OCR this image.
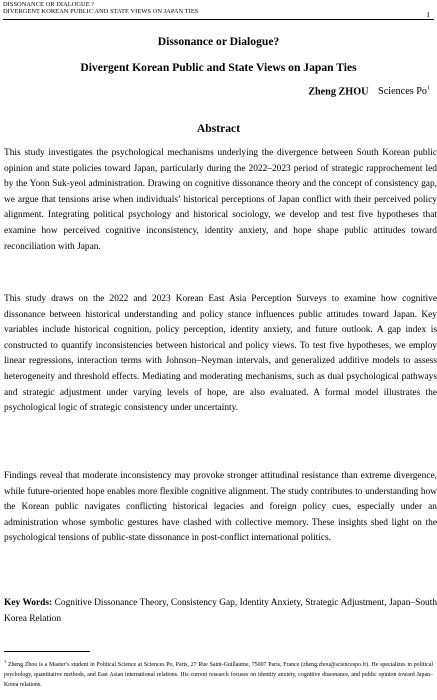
DISSONANCE OR DIALOGUE ?
DIVERGENT KOREAN PUBLIC AND STATE VIEWS ON JAPAN TIES	1
Dissonance or Dialogue?
Divergent Korean Public and State Views on Japan Ties
Zheng ZHOU Sciences Po$^1$
Abstract
This study investigates the psychological mechanisms underlying the divergence between South Korean public opinion and state policies toward Japan, particularly during the 2022–2023 period of strategic rapprochement led by the Yoon Suk-yeol administration. Drawing on cognitive dissonance theory and the concept of consistency gap, we argue that tensions arise when individuals’ historical perceptions of Japan conflict with their perceived policy alignment. Integrating political psychology and historical sociology, we develop and test five hypotheses that examine how perceived cognitive inconsistency, identity anxiety, and hope shape public attitudes toward reconciliation with Japan.
This study draws on the 2022 and 2023 Korean East Asia Perception Surveys to examine how cognitive dissonance between historical understanding and policy stance influences public attitudes toward Japan. Key variables include historical cognition, policy perception, identity anxiety, and future outlook. A gap index is constructed to quantify inconsistencies between historical and policy views. To test five hypotheses, we employ linear regressions, interaction terms with Johnson–Neyman intervals, and generalized additive models to assess heterogeneity and threshold effects. Mediating and moderating mechanisms, such as dual psychological pathways and strategic adjustment under varying levels of hope, are also evaluated. A formal model illustrates the psychological logic of strategic consistency under uncertainty.
Findings reveal that moderate inconsistency may provoke stronger attitudinal resistance than extreme divergence, while future-oriented hope enables more flexible cognitive alignment. The study contributes to understanding how the Korean public navigates conflicting historical legacies and foreign policy cues, especially under an administration whose symbolic gestures have clashed with collective memory. These insights shed light on the psychological tensions of public-state dissonance in post-conflict international politics.
Key Words: Cognitive Dissonance Theory, Consistency Gap, Identity Anxiety, Strategic Adjustment, Japan–South Korea Relation
$^1$ Zheng Zhou is a Master’s student in Political Science at Sciences Po, Paris, 27 Rue Saint-Guillaume, 75007 Paris, France (zheng.zhou@sciencespo.fr). He specializes in political psychology, quantitative methods, and East Asian international relations. His current research focuses on identity anxiety, cognitive dissonance, and public opinion toward Japan–Korea relations.
